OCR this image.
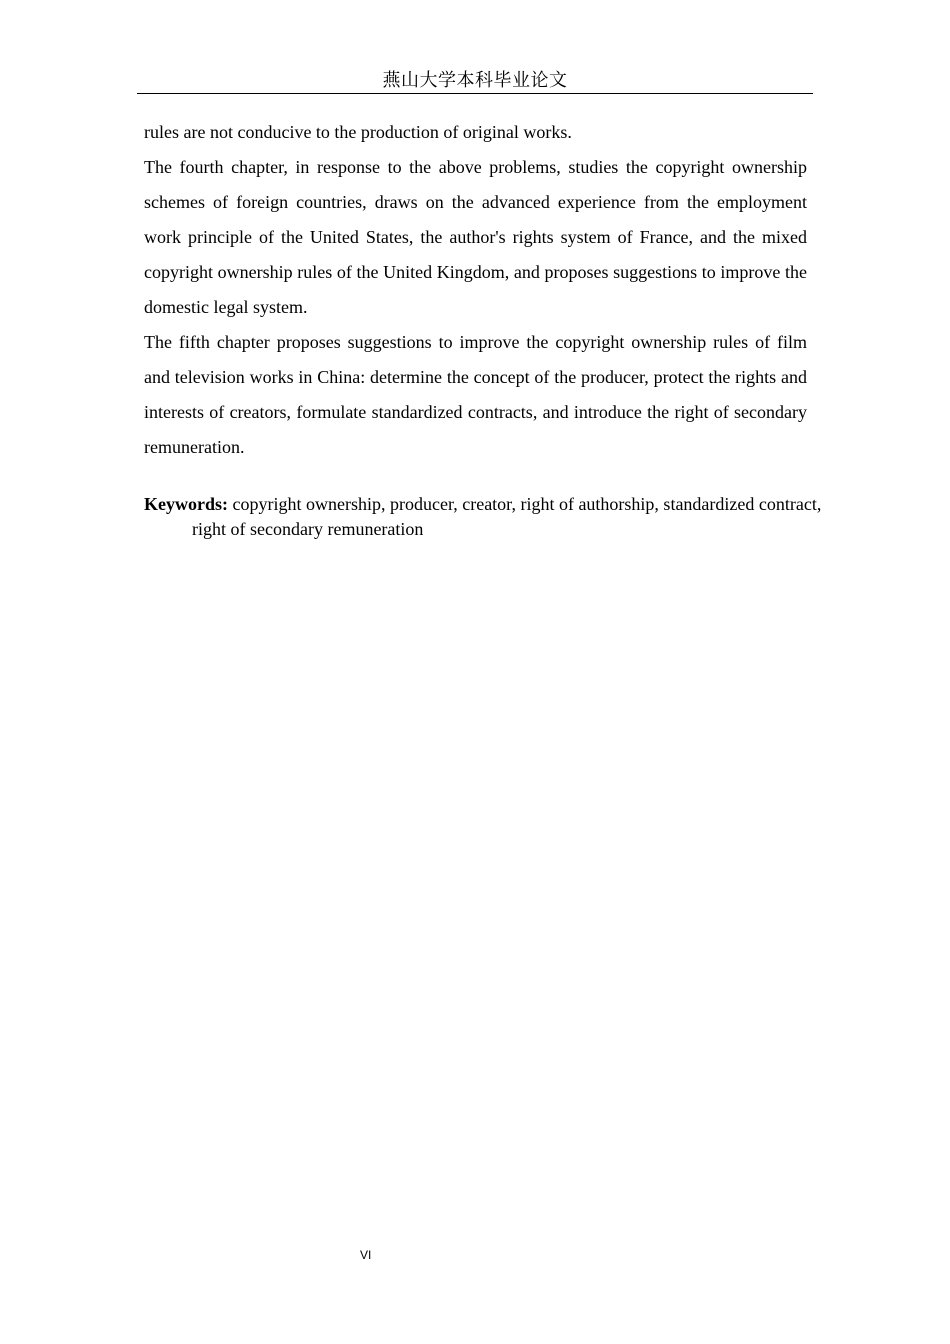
燕山大学本科毕业论文

rules are not conducive to the production of original works.

The fourth chapter, in response to the above problems, studies the copyright ownership schemes of foreign countries, draws on the advanced experience from the employment work principle of the United States, the author's rights system of France, and the mixed copyright ownership rules of the United Kingdom, and proposes suggestions to improve the domestic legal system.

The fifth chapter proposes suggestions to improve the copyright ownership rules of film and television works in China: determine the concept of the producer, protect the rights and interests of creators, formulate standardized contracts, and introduce the right of secondary remuneration.

Keywords: copyright ownership, producer, creator, right of authorship, standardized contract, right of secondary remuneration
VI
